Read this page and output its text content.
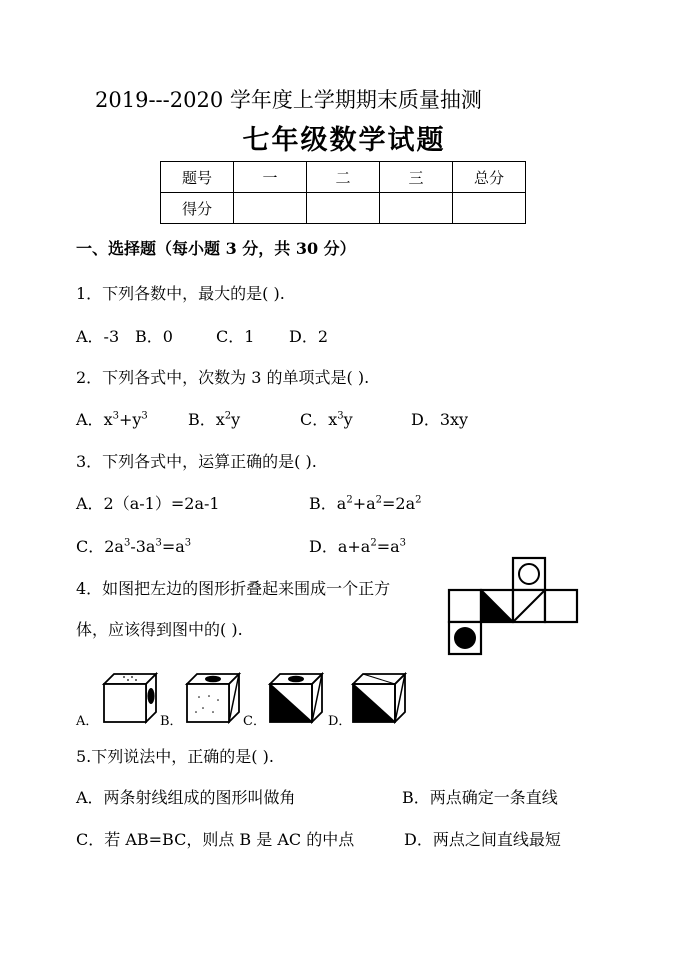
2019---2020 学年度上学期期末质量抽测
七年级数学试题
题号	一	二	三	总分
得分				
一、选择题（每小题 3 分，共 30 分）
1．下列各数中，最大的是( ).
A．-3 B．0	C．1 D．2
2．下列各式中，次数为 3 的单项式是( ).
A．$x^3+y^3$	B．$x^2y$	C．$x^3y$	D．3xy
3．下列各式中，运算正确的是( ).
A．2（a-1）=2a-1	B．$a^2+a^2=2a^2$
C．$2a^3-3a^3=a^3$	D．$a+a^2=a^3$
4．如图把左边的图形折叠起来围成一个正方
体，应该得到图中的( ).
A．	B．	C．	D．
5.下列说法中，正确的是( ).
A．两条射线组成的图形叫做角	B．两点确定一条直线
C．若 AB=BC，则点 B 是 AC 的中点	D．两点之间直线最短
